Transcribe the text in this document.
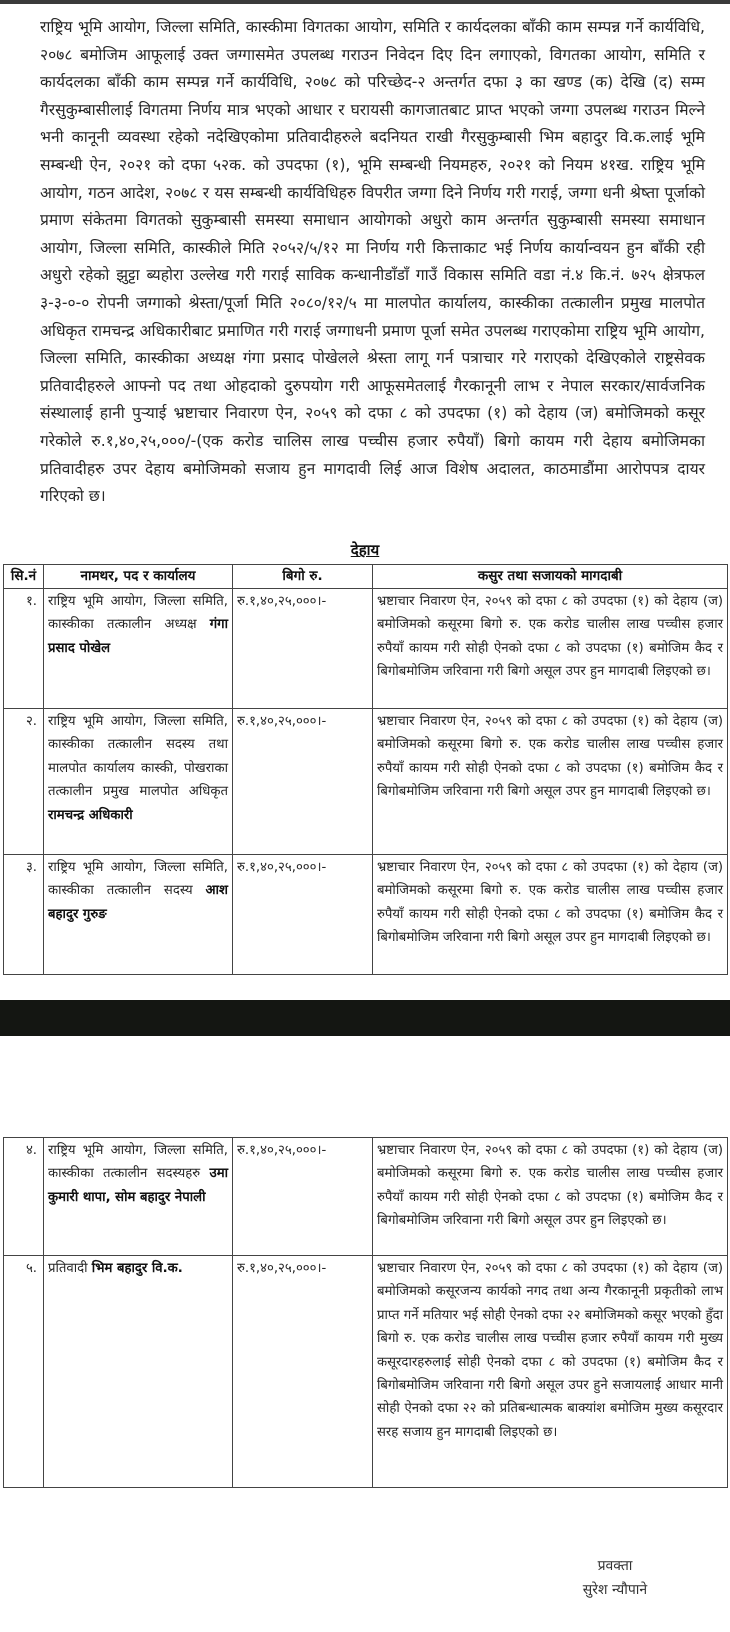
राष्ट्रिय भूमि आयोग, जिल्ला समिति, कास्कीमा विगतका आयोग, समिति र कार्यदलका बाँकी काम सम्पन्न गर्ने कार्यविधि, २०७८ बमोजिम आफूलाई उक्त जग्गासमेत उपलब्ध गराउन निवेदन दिए दिन लगाएको, विगतका आयोग, समिति र कार्यदलका बाँकी काम सम्पन्न गर्ने कार्यविधि, २०७८ को परिच्छेद-२ अन्तर्गत दफा ३ का खण्ड (क) देखि (द) सम्म गैरसुकुम्बासीलाई विगतमा निर्णय मात्र भएको आधार र घरायसी कागजातबाट प्राप्त भएको जग्गा उपलब्ध गराउन मिल्ने भनी कानूनी व्यवस्था रहेको नदेखिएकोमा प्रतिवादीहरुले बदनियत राखी गैरसुकुम्बासी भिम बहादुर वि.क.लाई भूमि सम्बन्धी ऐन, २०२१ को दफा ५२क. को उपदफा (१), भूमि सम्बन्धी नियमहरु, २०२१ को नियम ४१ख. राष्ट्रिय भूमि आयोग, गठन आदेश, २०७८ र यस सम्बन्धी कार्यविधिहरु विपरीत जग्गा दिने निर्णय गरी गराई, जग्गा धनी श्रेष्ता पूर्जाको प्रमाण संकेतमा विगतको सुकुम्बासी समस्या समाधान आयोगको अधुरो काम अन्तर्गत सुकुम्बासी समस्या समाधान आयोग, जिल्ला समिति, कास्कीले मिति २०५२/५/१२ मा निर्णय गरी कित्ताकाट भई निर्णय कार्यान्वयन हुन बाँकी रही अधुरो रहेको झुट्टा ब्यहोरा उल्लेख गरी गराई साविक कन्धानीडाँडाँ गाउँ विकास समिति वडा नं.४ कि.नं. ७२५ क्षेत्रफल ३-३-०-० रोपनी जग्गाको श्रेस्ता/पूर्जा मिति २०८०/१२/५ मा मालपोत कार्यालय, कास्कीका तत्कालीन प्रमुख मालपोत अधिकृत रामचन्द्र अधिकारीबाट प्रमाणित गरी गराई जग्गाधनी प्रमाण पूर्जा समेत उपलब्ध गराएकोमा राष्ट्रिय भूमि आयोग, जिल्ला समिति, कास्कीका अध्यक्ष गंगा प्रसाद पोखेलले श्रेस्ता लागू गर्न पत्राचार गरे गराएको देखिएकोले राष्ट्रसेवक प्रतिवादीहरुले आफ्नो पद तथा ओहदाको दुरुपयोग गरी आफूसमेतलाई गैरकानूनी लाभ र नेपाल सरकार/सार्वजनिक संस्थालाई हानी पुऱ्याई भ्रष्टाचार निवारण ऐन, २०५९ को दफा ८ को उपदफा (१) को देहाय (ज) बमोजिमको कसूर गरेकोले रु.१,४०,२५,०००/-(एक करोड चालिस लाख पच्चीस हजार रुपैयाँ) बिगो कायम गरी देहाय बमोजिमका प्रतिवादीहरु उपर देहाय बमोजिमको सजाय हुन मागदावी लिई आज विशेष अदालत, काठमाडौंमा आरोपपत्र दायर गरिएको छ।
देहाय
सि.नं	नामथर, पद र कार्यालय	बिगो रु.	कसुर तथा सजायको मागदाबी
१.	राष्ट्रिय भूमि आयोग, जिल्ला समिति, कास्कीका तत्कालीन अध्यक्ष गंगा प्रसाद पोखेल	रु.१,४०,२५,०००।-	भ्रष्टाचार निवारण ऐन, २०५९ को दफा ८ को उपदफा (१) को देहाय (ज) बमोजिमको कसूरमा बिगो रु. एक करोड चालीस लाख पच्चीस हजार रुपैयाँ कायम गरी सोही ऐनको दफा ८ को उपदफा (१) बमोजिम कैद र बिगोबमोजिम जरिवाना गरी बिगो असूल उपर हुन मागदाबी लिइएको छ।
२.	राष्ट्रिय भूमि आयोग, जिल्ला समिति, कास्कीका तत्कालीन सदस्य तथा मालपोत कार्यालय कास्की, पोखराका तत्कालीन प्रमुख मालपोत अधिकृत रामचन्द्र अधिकारी	रु.१,४०,२५,०००।-	भ्रष्टाचार निवारण ऐन, २०५९ को दफा ८ को उपदफा (१) को देहाय (ज) बमोजिमको कसूरमा बिगो रु. एक करोड चालीस लाख पच्चीस हजार रुपैयाँ कायम गरी सोही ऐनको दफा ८ को उपदफा (१) बमोजिम कैद र बिगोबमोजिम जरिवाना गरी बिगो असूल उपर हुन मागदाबी लिइएको छ।
३.	राष्ट्रिय भूमि आयोग, जिल्ला समिति, कास्कीका तत्कालीन सदस्य आश बहादुर गुरुङ	रु.१,४०,२५,०००।-	भ्रष्टाचार निवारण ऐन, २०५९ को दफा ८ को उपदफा (१) को देहाय (ज) बमोजिमको कसूरमा बिगो रु. एक करोड चालीस लाख पच्चीस हजार रुपैयाँ कायम गरी सोही ऐनको दफा ८ को उपदफा (१) बमोजिम कैद र बिगोबमोजिम जरिवाना गरी बिगो असूल उपर हुन मागदाबी लिइएको छ।
४.	राष्ट्रिय भूमि आयोग, जिल्ला समिति, कास्कीका तत्कालीन सदस्यहरु उमा कुमारी थापा, सोम बहादुर नेपाली	रु.१,४०,२५,०००।-	भ्रष्टाचार निवारण ऐन, २०५९ को दफा ८ को उपदफा (१) को देहाय (ज) बमोजिमको कसूरमा बिगो रु. एक करोड चालीस लाख पच्चीस हजार रुपैयाँ कायम गरी सोही ऐनको दफा ८ को उपदफा (१) बमोजिम कैद र बिगोबमोजिम जरिवाना गरी बिगो असूल उपर हुन लिइएको छ।
५.	प्रतिवादी भिम बहादुर वि.क.	रु.१,४०,२५,०००।-	भ्रष्टाचार निवारण ऐन, २०५९ को दफा ८ को उपदफा (१) को देहाय (ज) बमोजिमको कसूरजन्य कार्यको नगद तथा अन्य गैरकानूनी प्रकृतीको लाभ प्राप्त गर्ने मतियार भई सोही ऐनको दफा २२ बमोजिमको कसूर भएको हुँदा बिगो रु. एक करोड चालीस लाख पच्चीस हजार रुपैयाँ कायम गरी मुख्य कसूरदारहरुलाई सोही ऐनको दफा ८ को उपदफा (१) बमोजिम कैद र बिगोबमोजिम जरिवाना गरी बिगो असूल उपर हुने सजायलाई आधार मानी सोही ऐनको दफा २२ को प्रतिबन्धात्मक बाक्यांश बमोजिम मुख्य कसूरदार सरह सजाय हुन मागदाबी लिइएको छ।
प्रवक्ता
सुरेश न्यौपाने
